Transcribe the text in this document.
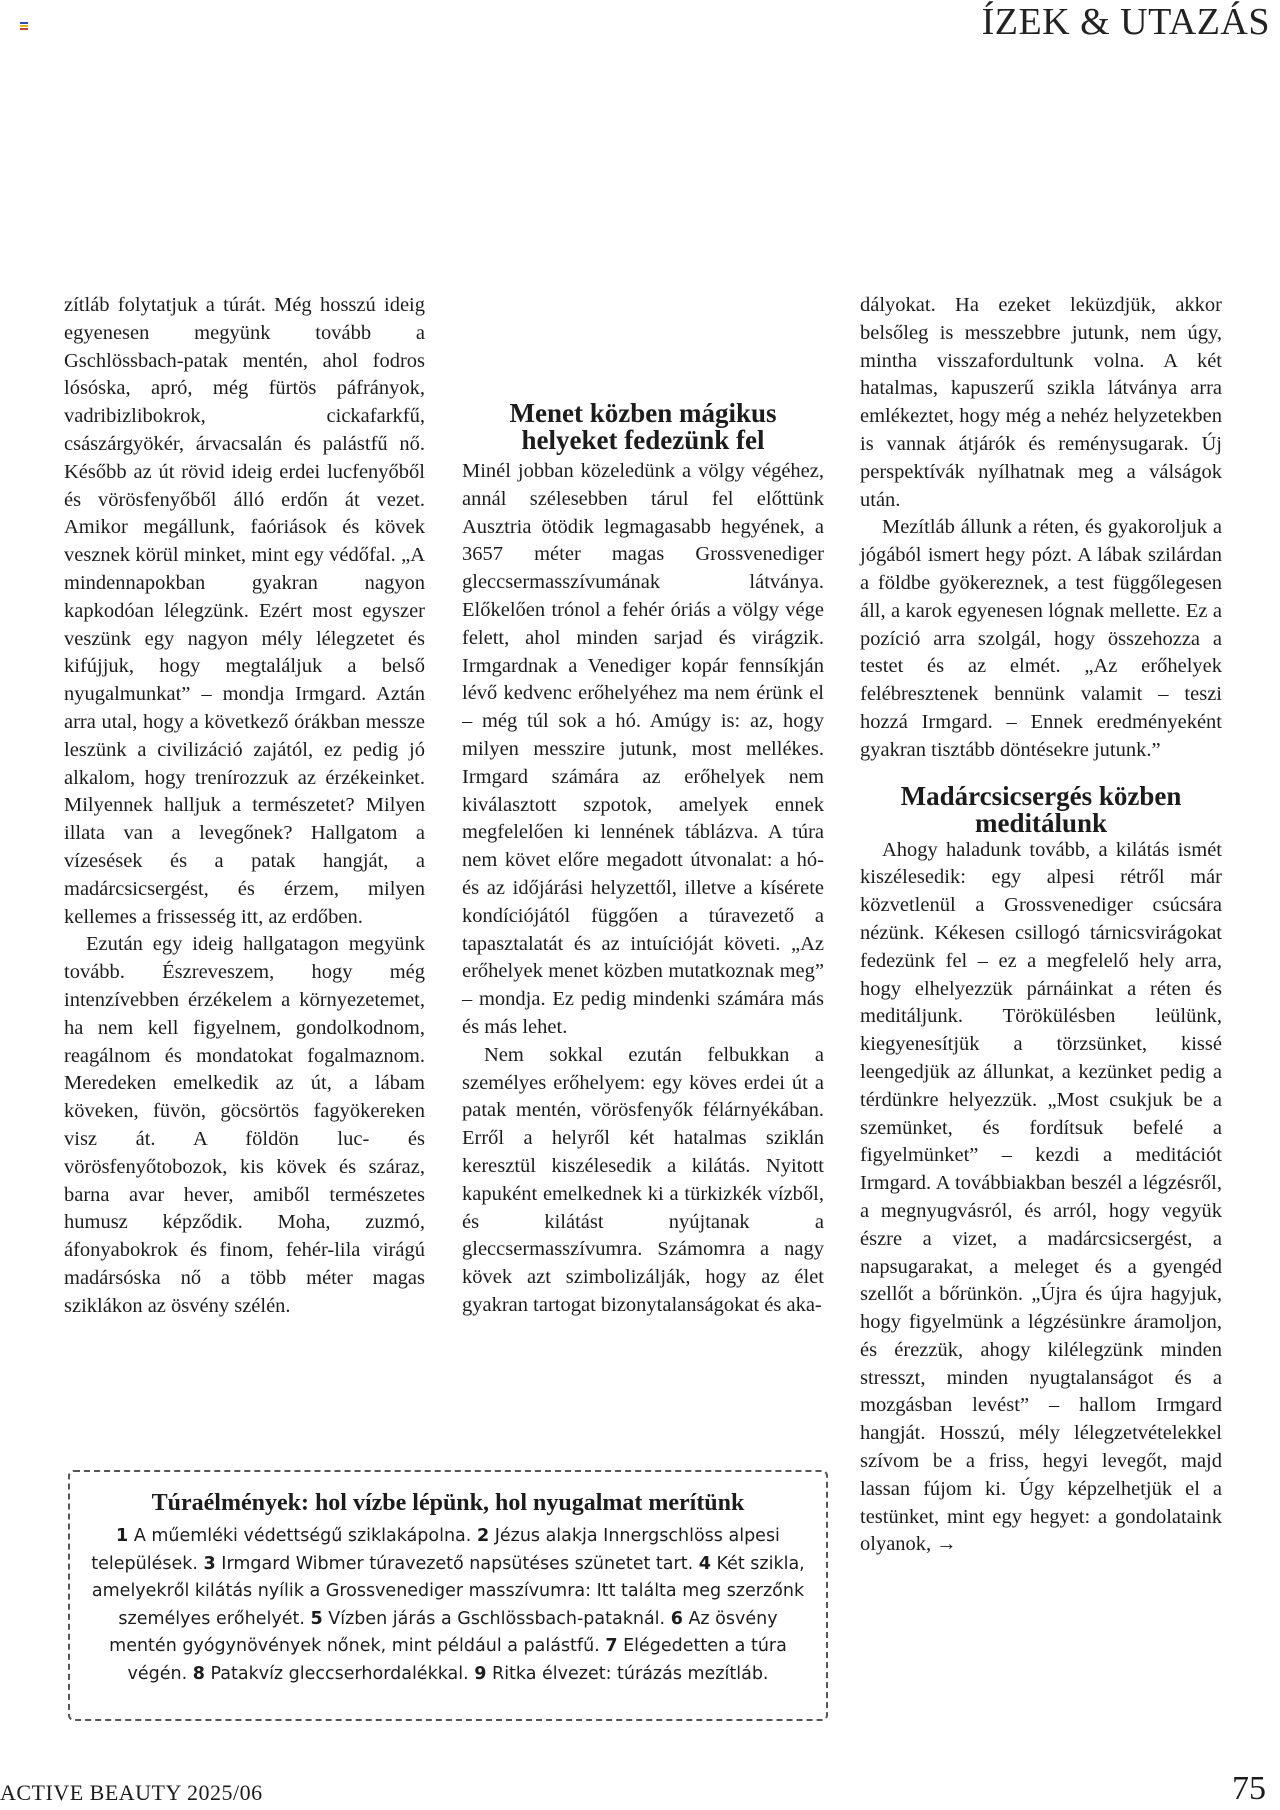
ÍZEK & UTAZÁS

zítláb folytatjuk a túrát. Még hosszú ideig egyenesen megyünk tovább a Gschlössbach-patak mentén, ahol fodros lósóska, apró, még fürtös páfrányok, vadribizlibokrok, cickafarkfű, császárgyökér, árvacsalán és palástfű nő. Később az út rövid ideig erdei lucfenyőből és vörösfenyőből álló erdőn át vezet. Amikor megállunk, faóriások és kövek vesznek körül minket, mint egy védőfal. „A mindennapokban gyakran nagyon kapkodóan lélegzünk. Ezért most egyszer veszünk egy nagyon mély lélegzetet és kifújjuk, hogy megtaláljuk a belső nyugalmunkat” – mondja Irmgard. Aztán arra utal, hogy a következő órákban messze leszünk a civilizáció zajától, ez pedig jó alkalom, hogy trenírozzuk az érzékeinket. Milyennek halljuk a természetet? Milyen illata van a levegőnek? Hallgatom a vízesések és a patak hangját, a madárcsicsergést, és érzem, milyen kellemes a frissesség itt, az erdőben.

Ezután egy ideig hallgatagon megyünk tovább. Észreveszem, hogy még intenzívebben érzékelem a környezetemet, ha nem kell figyelnem, gondolkodnom, reagálnom és mondatokat fogalmaznom. Meredeken emelkedik az út, a lábam köveken, füvön, göcsörtös fagyökereken visz át. A földön luc- és vörösfenyőtobozok, kis kövek és száraz, barna avar hever, amiből természetes humusz képződik. Moha, zuzmó, áfonyabokrok és finom, fehér-lila virágú madársóska nő a több méter magas sziklákon az ösvény szélén.

Menet közben mágikus helyeket fedezünk fel

Minél jobban közeledünk a völgy végéhez, annál szélesebben tárul fel előttünk Ausztria ötödik legmagasabb hegyének, a 3657 méter magas Grossvenediger gleccsermasszívumának látványa. Előkelően trónol a fehér óriás a völgy vége felett, ahol minden sarjad és virágzik. Irmgardnak a Venediger kopár fennsíkján lévő kedvenc erőhelyéhez ma nem érünk el – még túl sok a hó. Amúgy is: az, hogy milyen messzire jutunk, most mellékes. Irmgard számára az erőhelyek nem kiválasztott szpotok, amelyek ennek megfelelően ki lennének táblázva. A túra nem követ előre megadott útvonalat: a hó- és az időjárási helyzettől, illetve a kísérete kondíciójától függően a túravezető a tapasztalatát és az intuícióját követi. „Az erőhelyek menet közben mutatkoznak meg” – mondja. Ez pedig mindenki számára más és más lehet.

Nem sokkal ezután felbukkan a személyes erőhelyem: egy köves erdei út a patak mentén, vörösfenyők félárnyékában. Erről a helyről két hatalmas sziklán keresztül kiszélesedik a kilátás. Nyitott kapuként emelkednek ki a türkizkék vízből, és kilátást nyújtanak a gleccsermasszívumra. Számomra a nagy kövek azt szimbolizálják, hogy az élet gyakran tartogat bizonytalanságokat és aka-

dályokat. Ha ezeket leküzdjük, akkor belsőleg is messzebbre jutunk, nem úgy, mintha visszafordultunk volna. A két hatalmas, kapuszerű szikla látványa arra emlékeztet, hogy még a nehéz helyzetekben is vannak átjárók és reménysugarak. Új perspektívák nyílhatnak meg a válságok után.

Mezítláb állunk a réten, és gyakoroljuk a jógából ismert hegy pózt. A lábak szilárdan a földbe gyökereznek, a test függőlegesen áll, a karok egyenesen lógnak mellette. Ez a pozíció arra szolgál, hogy összehozza a testet és az elmét. „Az erőhelyek felébresztenek bennünk valamit – teszi hozzá Irmgard. – Ennek eredményeként gyakran tisztább döntésekre jutunk.”

Madárcsicsergés közben meditálunk

Ahogy haladunk tovább, a kilátás ismét kiszélesedik: egy alpesi rétről már közvetlenül a Grossvenediger csúcsára nézünk. Kékesen csillogó tárnicsvirágokat fedezünk fel – ez a megfelelő hely arra, hogy elhelyezzük párnáinkat a réten és meditáljunk. Törökülésben leülünk, kiegyenesítjük a törzsünket, kissé leengedjük az állunkat, a kezünket pedig a térdünkre helyezzük. „Most csukjuk be a szemünket, és fordítsuk befelé a figyelmünket” – kezdi a meditációt Irmgard. A továbbiakban beszél a légzésről, a megnyugvásról, és arról, hogy vegyük észre a vizet, a madárcsicsergést, a napsugarakat, a meleget és a gyengéd szellőt a bőrünkön. „Újra és újra hagyjuk, hogy figyelmünk a légzésünkre áramoljon, és érezzük, ahogy kilélegzünk minden stresszt, minden nyugtalanságot és a mozgásban levést” – hallom Irmgard hangját. Hosszú, mély lélegzetvételekkel szívom be a friss, hegyi levegőt, majd lassan fújom ki. Úgy képzelhetjük el a testünket, mint egy hegyet: a gondolataink olyanok, →

Túraélmények: hol vízbe lépünk, hol nyugalmat merítünk

1 A műemléki védettségű sziklakápolna. 2 Jézus alakja Innergschlöss alpesi települések. 3 Irmgard Wibmer túravezető napsütéses szünetet tart. 4 Két szikla, amelyekről kilátás nyílik a Grossvenediger masszívumra: Itt találta meg szerzőnk személyes erőhelyét. 5 Vízben járás a Gschlössbach-pataknál. 6 Az ösvény mentén gyógynövények nőnek, mint például a palástfű. 7 Elégedetten a túra végén. 8 Patakvíz gleccserhordalékkal. 9 Ritka élvezet: túrázás mezítláb.

ACTIVE BEAUTY 2025/06	75
